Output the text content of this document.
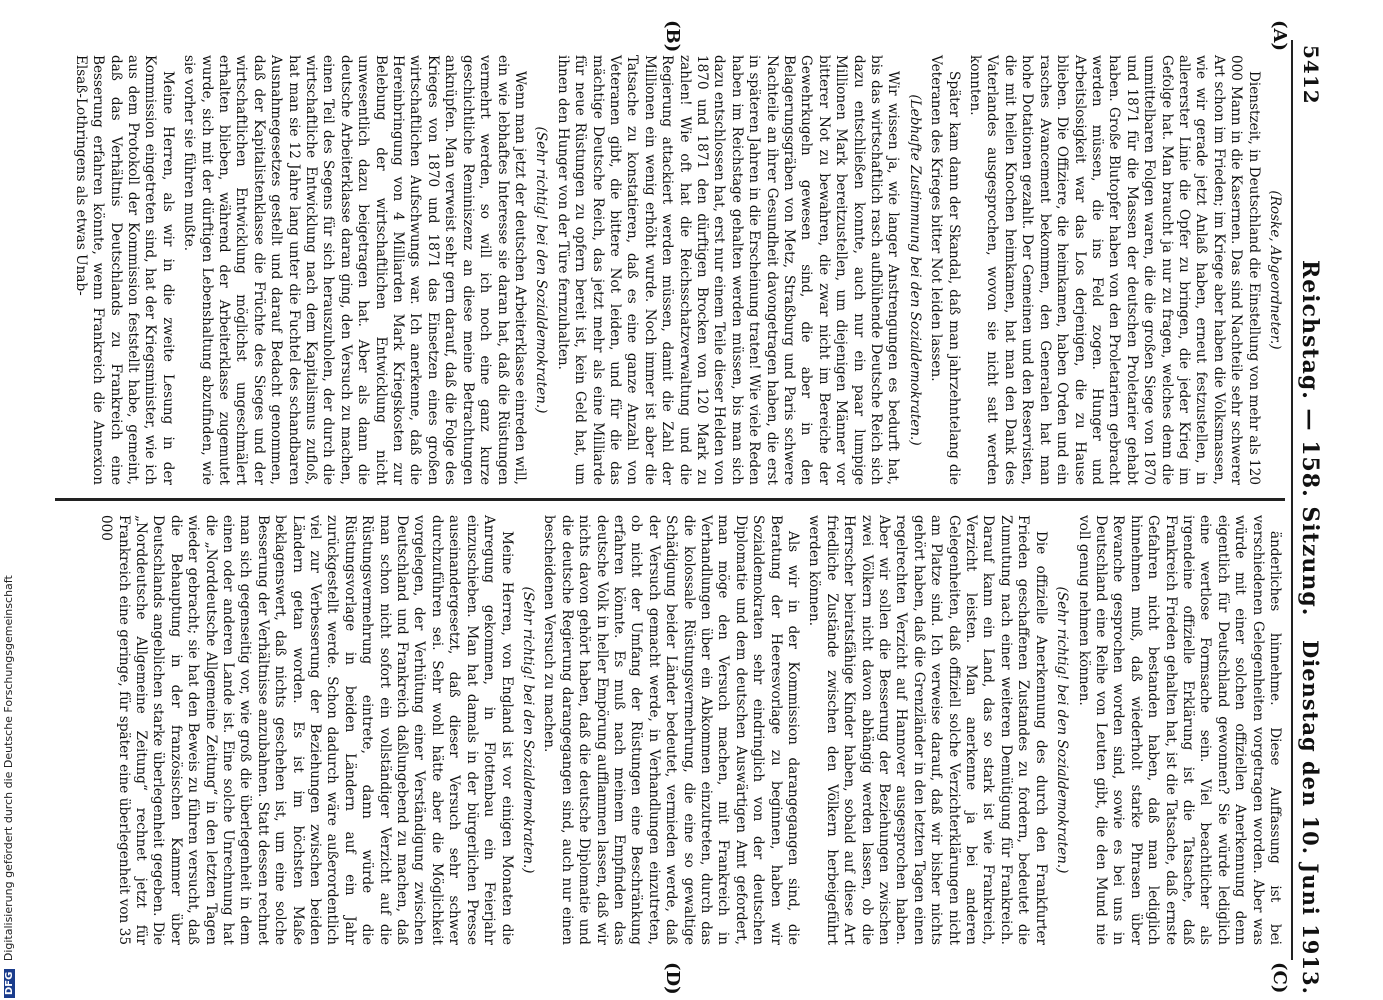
5412
Reichstag. — 158. Sitzung.
Dienstag den 10. Juni 1913.
(A)
(B)
(C)
(D)

(Roske, Abgeordneter.)

Dienstzeit, in Deutschland die Einstellung von mehr als 120 000 Mann in die Kasernen. Das sind Nachteile sehr schwerer Art schon im Frieden; im Kriege aber haben die Volksmassen, wie wir gerade jetzt Anlaß haben, erneut festzustellen, in allererster Linie die Opfer zu bringen, die jeder Krieg im Gefolge hat. Man braucht ja nur zu fragen, welches denn die unmittelbaren Folgen waren, die die großen Siege von 1870 und 1871 für die Massen der deutschen Proletarier gehabt haben. Große Blutopfer haben von den Proletariern gebracht werden müssen, die ins Feld zogen. Hunger und Arbeitslosigkeit war das Los derjenigen, die zu Hause blieben. Die Offiziere, die heimkamen, haben Orden und ein rasches Avancement bekommen, den Generalen hat man hohe Dotationen gezahlt. Der Gemeinen und den Reservisten, die mit heilen Knochen heimkamen, hat man den Dank des Vaterlandes ausgesprochen, wovon sie nicht satt werden konnten.

Später kam dann der Skandal, daß man jahrzehntelang die Veteranen des Krieges bitter Not leiden lassen.

(Lebhafte Zustimmung bei den Sozialdemokraten.)

Wir wissen ja, wie langer Anstrengungen es bedurft hat, bis das wirtschaftlich rasch aufblühende Deutsche Reich sich dazu entschließen konnte, auch nur ein paar lumpige Millionen Mark bereitzustellen, um diejenigen Männer vor bitterer Not zu bewahren, die zwar nicht im Bereiche der Gewehrkugeln gewesen sind, die aber in den Belagerungsgräben von Metz, Straßburg und Paris schwere Nachteile an ihrer Gesundheit davongetragen haben, die erst in späteren Jahren in die Erscheinung traten! Wie viele Reden haben im Reichstage gehalten werden müssen, bis man sich dazu entschlossen hat, erst nur einem Teile dieser Helden von 1870 und 1871 den dürftigen Brocken von 120 Mark zu zahlen! Wie oft hat die Reichsschatzverwaltung und die Regierung attackiert werden müssen, damit die Zahl der Millionen ein wenig erhöht wurde. Noch immer ist aber die Tatsache zu konstatieren, daß es eine ganze Anzahl von Veteranen gibt, die bittere Not leiden, und für die das mächtige Deutsche Reich, das jetzt mehr als eine Milliarde für neue Rüstungen zu opfern bereit ist, kein Geld hat, um ihnen den Hunger von der Türe fernzuhalten.

(Sehr richtig! bei den Sozialdemokraten.)

Wenn man jetzt der deutschen Arbeiterklasse einreden will, ein wie lebhaftes Interesse sie daran hat, daß die Rüstungen vermehrt werden, so will ich noch eine ganz kurze geschichtliche Reminiszenz an diese meine Betrachtungen anknüpfen. Man verweist sehr gern darauf, daß die Folge des Krieges von 1870 und 1871 das Einsetzen eines großen wirtschaftlichen Aufschwungs war. Ich anerkenne, daß die Hereinbringung von 4 Milliarden Mark Kriegskosten zur Belebung der wirtschaftlichen Entwicklung nicht unwesentlich dazu beigetragen hat. Aber als dann die deutsche Arbeiterklasse daran ging, den Versuch zu machen, einen Teil des Segens für sich herauszuholen, der durch die wirtschaftliche Entwicklung nach dem Kapitalismus zufloß, hat man sie 12 Jahre lang unter die Fuchtel des schandbaren Ausnahmegesetzes gestellt und darauf Bedacht genommen, daß der Kapitalistenklasse die Früchte des Sieges und der wirtschaftlichen Entwicklung möglichst ungeschmälert erhalten blieben, während der Arbeiterklasse zugemutet wurde, sich mit der dürftigen Lebenshaltung abzufinden, wie sie vorher sie führen mußte.

Meine Herren, als wir in die zweite Lesung in der Kommission eingetreten sind, hat der Kriegsminister, wie ich aus dem Protokoll der Kommission feststellt habe, gemeint, daß das Verhältnis Deutschlands zu Frankreich eine Besserung erfahren könnte, wenn Frankreich die Annexion Elsaß-Lothringens als etwas Unab-

änderliches hinnehme. Diese Auffassung ist bei verschiedenen Gelegenheiten vorgetragen worden. Aber was würde mit einer solchen offiziellen Anerkennung denn eigentlich für Deutschland gewonnen? Sie würde lediglich eine wertlose Formsache sein. Viel beachtlicher als irgendeine offizielle Erklärung ist die Tatsache, daß Frankreich Frieden gehalten hat, ist die Tatsache, daß ernste Gefahren nicht bestanden haben, daß man lediglich hinnehmen muß, daß wiederholt starke Phrasen über Revanche gesprochen worden sind, sowie es bei uns in Deutschland eine Reihe von Leuten gibt, die den Mund nie voll genug nehmen können.

(Sehr richtig! bei den Sozialdemokraten.)

Die offizielle Anerkennung des durch den Frankfurter Frieden geschaffenen Zustandes zu fordern, bedeutet die Zumutung nach einer weiteren Demütigung für Frankreich. Darauf kann ein Land, das so stark ist wie Frankreich, Verzicht leisten. Man anerkenne ja bei anderen Gelegenheiten, daß offiziell solche Verzichterklärungen nicht am Platze sind. Ich verweise darauf, daß wir bisher nichts gehört haben, daß die Grenzländer in den letzten Tagen einen regelrechten Verzicht auf Hannover ausgesprochen haben. Aber wir sollen die Besserung der Beziehungen zwischen zwei Völkern nicht davon abhängig werden lassen, ob die Herrscher beiratsfähige Kinder haben, sobald auf diese Art friedliche Zustände zwischen den Völkern herbeigeführt werden können.

Als wir in der Kommission darangegangen sind, die Beratung der Heeresvorlage zu beginnen, haben wir Sozialdemokraten sehr eindringlich von der deutschen Diplomatie und dem deutschen Auswärtigen Amt gefordert, man möge den Versuch machen, mit Frankreich in Verhandlungen über ein Abkommen einzutreten, durch das die kolossale Rüstungsvermehrung, die eine so gewaltige Schädigung beider Länder bedeutet, vermieden werde, daß der Versuch gemacht werde, in Verhandlungen einzutreten, ob nicht der Umfang der Rüstungen eine Beschränkung erfahren könnte. Es muß nach meinem Empfinden das deutsche Volk in heller Empörung aufflammen lassen, daß wir nichts davon gehört haben, daß die deutsche Diplomatie und die deutsche Regierung darangegangen sind, auch nur einen bescheidenen Versuch zu machen.

(Sehr richtig! bei den Sozialdemokraten.)

Meine Herren, von England ist vor einigen Monaten die Anregung gekommen, in Flottenbau ein Feierjahr einzuschieben. Man hat damals in der bürgerlichen Presse auseinandergesetzt, daß dieser Versuch sehr schwer durchzuführen sei. Sehr wohl hätte aber die Möglichkeit vorgelegen, der Verhütung einer Verständigung zwischen Deutschland und Frankreich daßlungebend zu machen, daß man schon nicht sofort ein vollständiger Verzicht auf die Rüstungsvermehrung eintrete, dann würde die Rüstungsvorlage in beiden Ländern auf ein Jahr zurückgestellt werde. Schon dadurch wäre außerordentlich viel zur Verbesserung der Beziehungen zwischen beiden Ländern getan worden. Es ist im höchsten Maße beklagenswert, daß nichts geschehen ist, um eine solche Besserung der Verhältnisse anzubahnen. Statt dessen rechnet man sich gegenseitig vor, wie groß die überlegenheit in dem einen oder anderen Lande ist. Eine solche Unrechnung hat die „Norddeutsche Allgemeine Zeitung“ in den letzten Tagen wieder gebracht; sie hat den Beweis zu führen versucht, daß die Behauptung in der französischen Kammer über Deutschlands angeblichen starke überlegenheit gegeben. Die „Norddeutsche Allgemeine Zeitung“ rechnet jetzt für Frankreich eine geringe, für später eine überlegenheit von 35 000

DFG Digitalisierung gefördert durch die Deutsche Forschungsgemeinschaft
